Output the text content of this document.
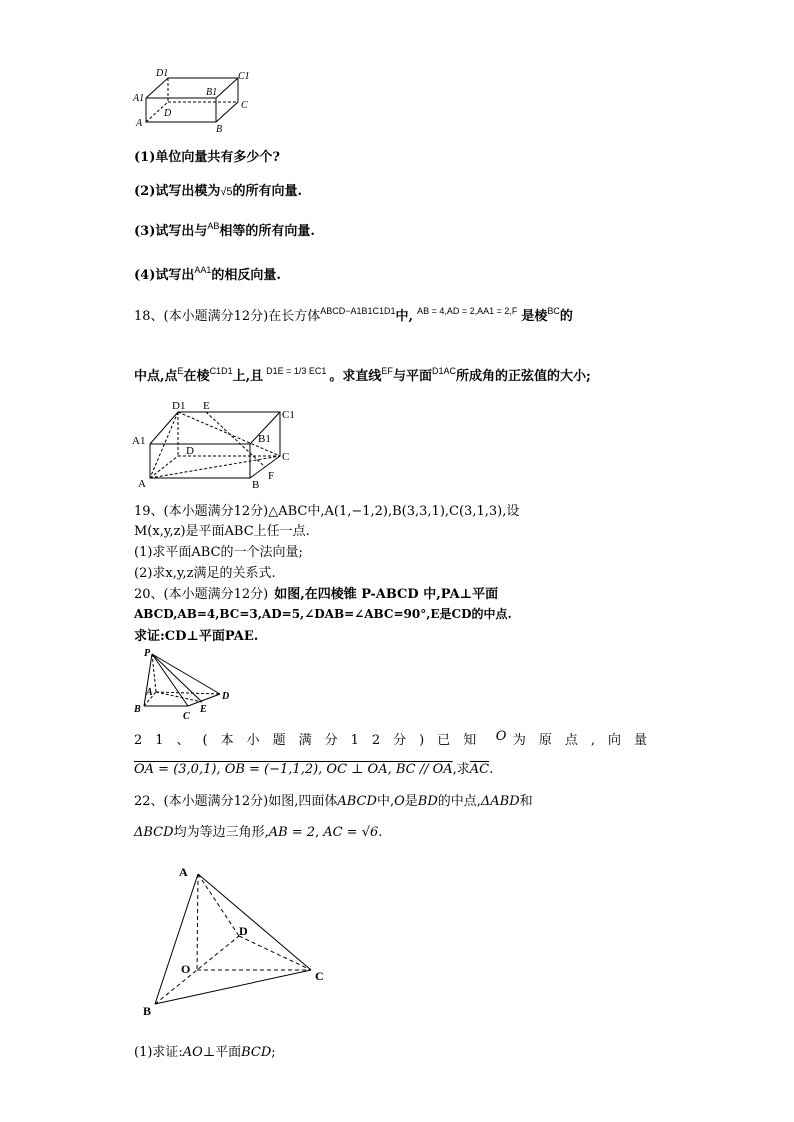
D1	C1
A1
B1
D
C
A
B
(1)单位向量共有多少个?
(2)试写出模为√5的所有向量.
(3)试写出与$^{AB}$相等的所有向量.
(4)试写出$^{AA1}$的相反向量.
18、(本小题满分12分)在长方体$^{ABCD-A1B1C1D1}$中, $^{AB = 4,AD = 2,AA1 = 2,F}$ 是棱$^{BC}$的
中点,点$^E$在棱$^{C1D1}$上,且 $^{D1E = 1/3 EC1}$ 。求直线$^{EF}$与平面$^{D1AC}$所成角的正弦值的大小;
D1 E
C1
A1	B1
D	C
A	B
F
19、(本小题满分12分)△ABC中,A(1,−1,2),B(3,3,1),C(3,1,3),设
M(x,y,z)是平面ABC上任一点.
(1)求平面ABC的一个法向量;
(2)求x,y,z满足的关系式.
20、(本小题满分12分) 如图,在四棱锥 P-ABCD 中,PA⊥平面
ABCD,AB=4,BC=3,AD=5,∠DAB=∠ABC=90°,E是CD的中点.
求证:CD⊥平面PAE.
P
A	D
B
C
E
21、(本小题满分12分)已知 O 为原点,向量
OA = (3,0,1), OB = (−1,1,2), OC ⊥ OA, BC // OA,求$\overline{AC}$.
22、(本小题满分12分)如图,四面体ABCD中,O是BD的中点,ΔABD和
ΔBCD均为等边三角形,AB = 2, AC = √6.
A
D
O	C
B
(1)求证:AO⊥平面BCD;
